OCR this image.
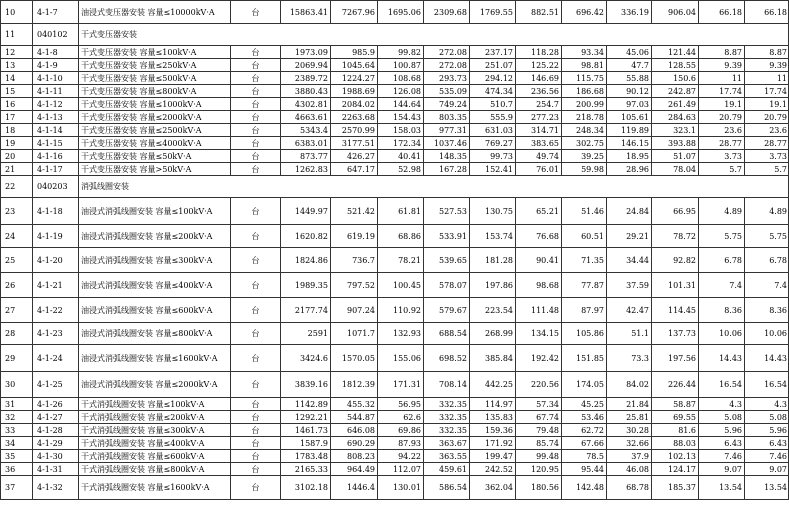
10	4-1-7	油浸式变压器安装 容量≤10000kV·A	台	15863.41	7267.96	1695.06	2309.68	1769.55	882.51	696.42	336.19	906.04	66.18	66.18
11	040102	干式变压器安装												
12	4-1-8	干式变压器安装 容量≤100kV·A	台	1973.09	985.9	99.82	272.08	237.17	118.28	93.34	45.06	121.44	8.87	8.87
13	4-1-9	干式变压器安装 容量≤250kV·A	台	2069.94	1045.64	100.87	272.08	251.07	125.22	98.81	47.7	128.55	9.39	9.39
14	4-1-10	干式变压器安装 容量≤500kV·A	台	2389.72	1224.27	108.68	293.73	294.12	146.69	115.75	55.88	150.6	11	11
15	4-1-11	干式变压器安装 容量≤800kV·A	台	3880.43	1988.69	126.08	535.09	474.34	236.56	186.68	90.12	242.87	17.74	17.74
16	4-1-12	干式变压器安装 容量≤1000kV·A	台	4302.81	2084.02	144.64	749.24	510.7	254.7	200.99	97.03	261.49	19.1	19.1
17	4-1-13	干式变压器安装 容量≤2000kV·A	台	4663.61	2263.68	154.43	803.35	555.9	277.23	218.78	105.61	284.63	20.79	20.79
18	4-1-14	干式变压器安装 容量≤2500kV·A	台	5343.4	2570.99	158.03	977.31	631.03	314.71	248.34	119.89	323.1	23.6	23.6
19	4-1-15	干式变压器安装 容量≤4000kV·A	台	6383.01	3177.51	172.34	1037.46	769.27	383.65	302.75	146.15	393.88	28.77	28.77
20	4-1-16	干式变压器安装 容量≤50kV·A	台	873.77	426.27	40.41	148.35	99.73	49.74	39.25	18.95	51.07	3.73	3.73
21	4-1-17	干式变压器安装 容量>50kV·A	台	1262.83	647.17	52.98	167.28	152.41	76.01	59.98	28.96	78.04	5.7	5.7
22	040203	消弧线圈安装												
23	4-1-18	油浸式消弧线圈安装 容量≤100kV·A	台	1449.97	521.42	61.81	527.53	130.75	65.21	51.46	24.84	66.95	4.89	4.89
24	4-1-19	油浸式消弧线圈安装 容量≤200kV·A	台	1620.82	619.19	68.86	533.91	153.74	76.68	60.51	29.21	78.72	5.75	5.75
25	4-1-20	油浸式消弧线圈安装 容量≤300kV·A	台	1824.86	736.7	78.21	539.65	181.28	90.41	71.35	34.44	92.82	6.78	6.78
26	4-1-21	油浸式消弧线圈安装 容量≤400kV·A	台	1989.35	797.52	100.45	578.07	197.86	98.68	77.87	37.59	101.31	7.4	7.4
27	4-1-22	油浸式消弧线圈安装 容量≤600kV·A	台	2177.74	907.24	110.92	579.67	223.54	111.48	87.97	42.47	114.45	8.36	8.36
28	4-1-23	油浸式消弧线圈安装 容量≤800kV·A	台	2591	1071.7	132.93	688.54	268.99	134.15	105.86	51.1	137.73	10.06	10.06
29	4-1-24	油浸式消弧线圈安装 容量≤1600kV·A	台	3424.6	1570.05	155.06	698.52	385.84	192.42	151.85	73.3	197.56	14.43	14.43
30	4-1-25	油浸式消弧线圈安装 容量≤2000kV·A	台	3839.16	1812.39	171.31	708.14	442.25	220.56	174.05	84.02	226.44	16.54	16.54
31	4-1-26	干式消弧线圈安装 容量≤100kV·A	台	1142.89	455.32	56.95	332.35	114.97	57.34	45.25	21.84	58.87	4.3	4.3
32	4-1-27	干式消弧线圈安装 容量≤200kV·A	台	1292.21	544.87	62.6	332.35	135.83	67.74	53.46	25.81	69.55	5.08	5.08
33	4-1-28	干式消弧线圈安装 容量≤300kV·A	台	1461.73	646.08	69.86	332.35	159.36	79.48	62.72	30.28	81.6	5.96	5.96
34	4-1-29	干式消弧线圈安装 容量≤400kV·A	台	1587.9	690.29	87.93	363.67	171.92	85.74	67.66	32.66	88.03	6.43	6.43
35	4-1-30	干式消弧线圈安装 容量≤600kV·A	台	1783.48	808.23	94.22	363.55	199.47	99.48	78.5	37.9	102.13	7.46	7.46
36	4-1-31	干式消弧线圈安装 容量≤800kV·A	台	2165.33	964.49	112.07	459.61	242.52	120.95	95.44	46.08	124.17	9.07	9.07
37	4-1-32	干式消弧线圈安装 容量≤1600kV·A	台	3102.18	1446.4	130.01	586.54	362.04	180.56	142.48	68.78	185.37	13.54	13.54
